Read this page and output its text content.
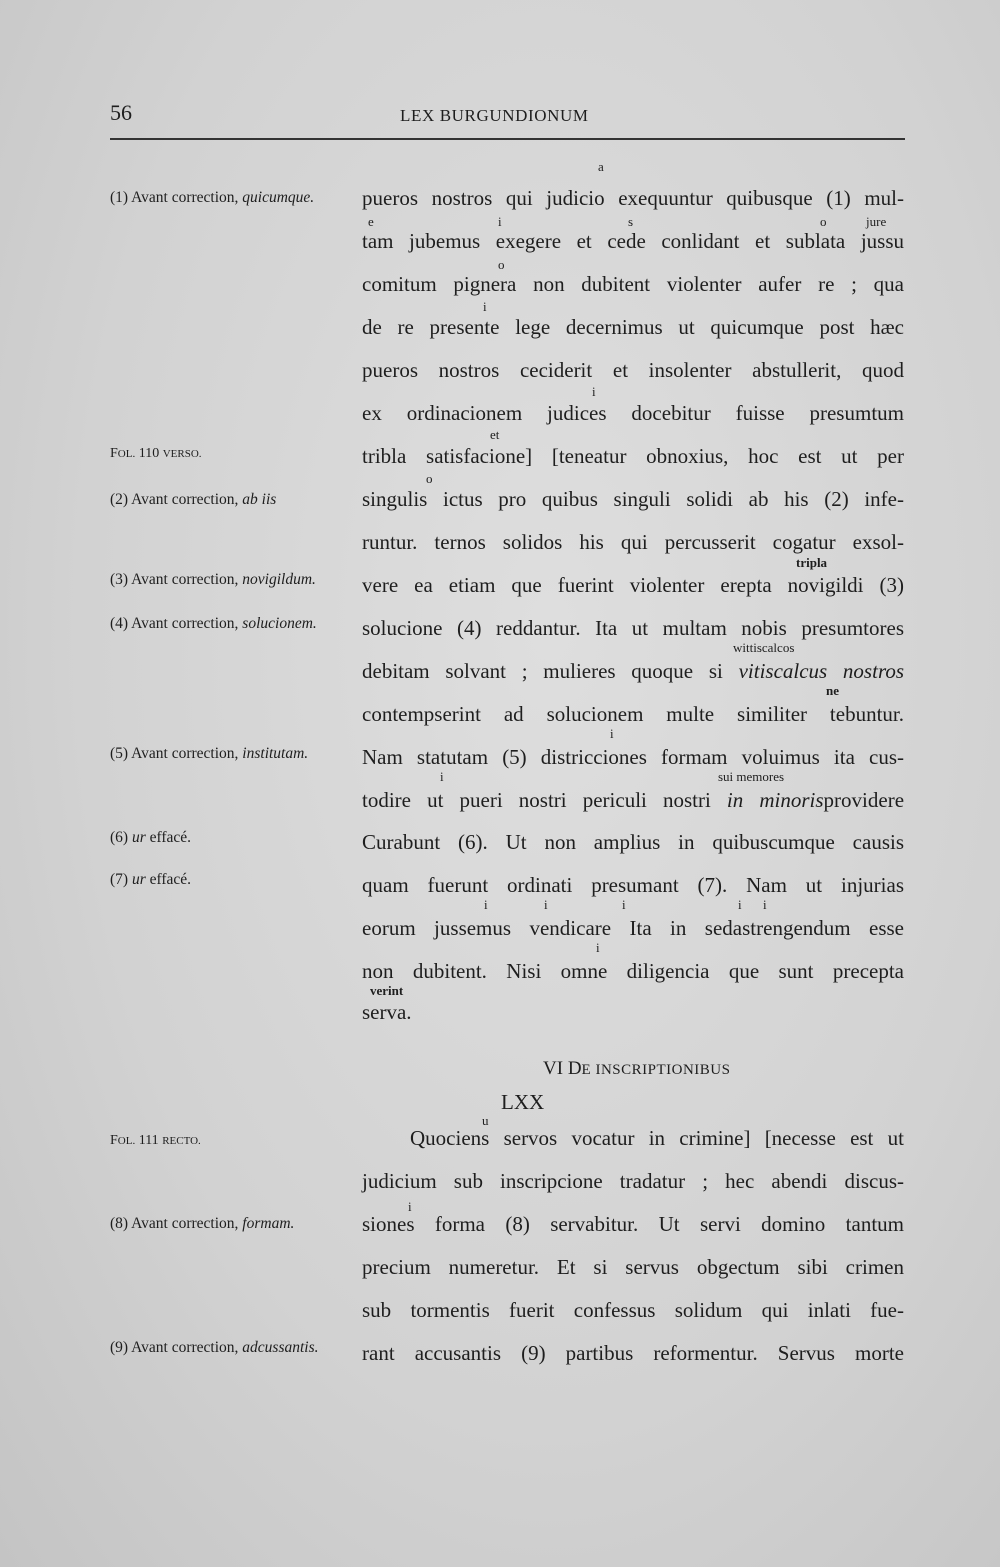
56	LEX BURGUNDIONUM
(1) Avant correction, quicumque.
FOL. 110 VERSO.
(2) Avant correction, ab iis
(3) Avant correction, novigildum.
(4) Avant correction, solucionem.
(5) Avant correction, institutam.
(6) ur effacé.
(7) ur effacé.
FOL. 111 RECTO.
(8) Avant correction, formam.
(9) Avant correction, adcussantis.
a
e	i	s	o	jure
o
i
i
et
o
tripla
wittiscalcos
ne
i
i	sui memores
i	i	i	i i
i
verint
u
i
pueros nostros qui judicio exequuntur quibusque (1) mul-
tam jubemus exegere et cede conlidant et sublata jussu
comitum pignera non dubitent violenter aufer re ; qua
de re presente lege decernimus ut quicumque post hæc
pueros nostros ceciderit et insolenter abstullerit, quod
ex ordinacionem judices docebitur fuisse presumtum
tribla satisfacione] [teneatur obnoxius, hoc est ut per
singulis ictus pro quibus singuli solidi ab his (2) infe-
runtur. ternos solidos his qui percusserit cogatur exsol-
vere ea etiam que fuerint violenter erepta novigildi (3)
solucione (4) reddantur. Ita ut multam nobis presumtores
debitam solvant ; mulieres quoque si vitiscalcus nostros
contempserint ad solucionem multe similiter tebuntur.
Nam statutam (5) districciones formam voluimus ita cus-
todire ut pueri nostri periculi nostri in minorisprovidere
Curabunt (6). Ut non amplius in quibuscumque causis
quam fuerunt ordinati presumant (7). Nam ut injurias
eorum jussemus vendicare Ita in sedastrengendum esse
non dubitent. Nisi omne diligencia que sunt precepta
serva.
VI DE INSCRIPTIONIBUS
LXX
Quociens servos vocatur in crimine] [necesse est ut
judicium sub inscripcione tradatur ; hec abendi discus-
siones forma (8) servabitur. Ut servi domino tantum
precium numeretur. Et si servus obgectum sibi crimen
sub tormentis fuerit confessus solidum qui inlati fue-
rant accusantis (9) partibus reformentur. Servus morte
